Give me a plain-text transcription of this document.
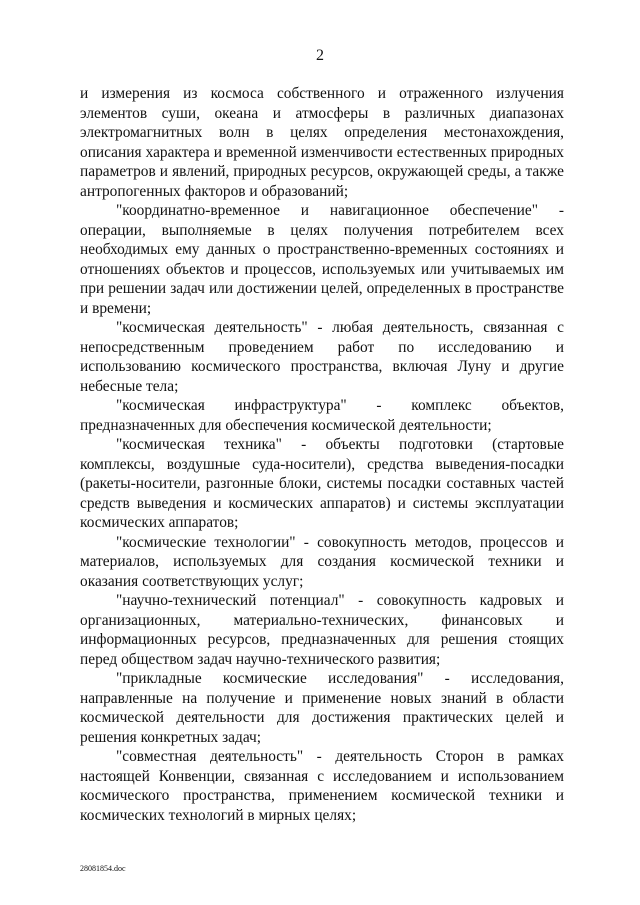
2

и измерения из космоса собственного и отраженного излучения элементов суши, океана и атмосферы в различных диапазонах электромагнитных волн в целях определения местонахождения, описания характера и временной изменчивости естественных природных параметров и явлений, природных ресурсов, окружающей среды, а также антропогенных факторов и образований;

"координатно-временное и навигационное обеспечение" - операции, выполняемые в целях получения потребителем всех необходимых ему данных о пространственно-временных состояниях и отношениях объектов и процессов, используемых или учитываемых им при решении задач или достижении целей, определенных в пространстве и времени;

"космическая деятельность" - любая деятельность, связанная с непосредственным проведением работ по исследованию и использованию космического пространства, включая Луну и другие небесные тела;

"космическая инфраструктура" - комплекс объектов, предназначенных для обеспечения космической деятельности;

"космическая техника" - объекты подготовки (стартовые комплексы, воздушные суда-носители), средства выведения-посадки (ракеты-носители, разгонные блоки, системы посадки составных частей средств выведения и космических аппаратов) и системы эксплуатации космических аппаратов;

"космические технологии" - совокупность методов, процессов и материалов, используемых для создания космической техники и оказания соответствующих услуг;

"научно-технический потенциал" - совокупность кадровых и организационных, материально-технических, финансовых и информационных ресурсов, предназначенных для решения стоящих перед обществом задач научно-технического развития;

"прикладные космические исследования" - исследования, направленные на получение и применение новых знаний в области космической деятельности для достижения практических целей и решения конкретных задач;

"совместная деятельность" - деятельность Сторон в рамках настоящей Конвенции, связанная с исследованием и использованием космического пространства, применением космической техники и космических технологий в мирных целях;

28081854.doc
